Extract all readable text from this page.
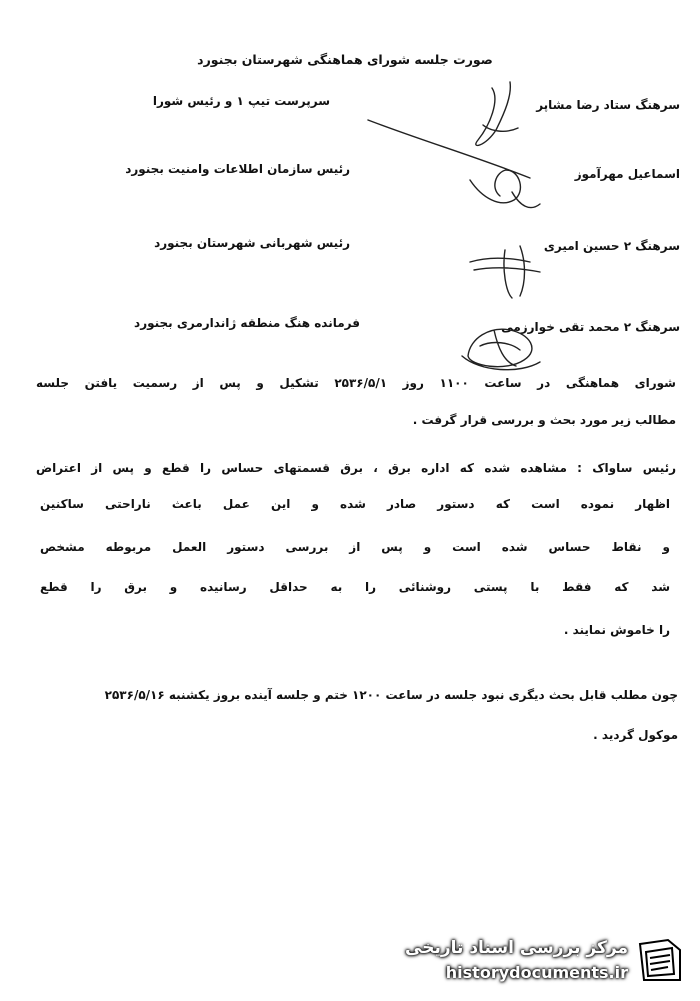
صورت جلسه شورای هماهنگی شهرستان بجنورد
سرهنگ ستاد رضا مشاپر
سرپرست تیپ ۱ و رئیس شورا
اسماعیل مهرآموز
رئیس سازمان اطلاعات وامنیت بجنورد
سرهنگ ۲ حسین امیری
رئیس شهربانی شهرستان بجنورد
سرهنگ ۲ محمد تقی خوارزمی
فرمانده هنگ منطقه ژاندارمری بجنورد
شورای هماهنگی در ساعت ۱۱۰۰ روز ۲۵۳۶/۵/۱ تشکیل و پس از رسمیت یافتن جلسه
مطالب زیر مورد بحث و بررسی قرار گرفت .
رئیس ساواک : مشاهده شده که اداره برق ، برق قسمتهای حساس را قطع و پس از اعتراض
اظهار نموده است که دستور صادر شده و این عمل باعث ناراحتی ساکنین
و نقاط حساس شده است و پس از بررسی دستور العمل مربوطه مشخص
شد که فقط با پستی روشنائی را به حداقل رسانیده و برق را قطع
را خاموش نمایند .
چون مطلب قابل بحث دیگری نبود جلسه در ساعت ۱۲۰۰ ختم و جلسه آینده بروز یکشنبه ۲۵۳۶/۵/۱۶
موکول گردید .
مرکز بررسی اسناد تاریخی
historydocuments.ir
